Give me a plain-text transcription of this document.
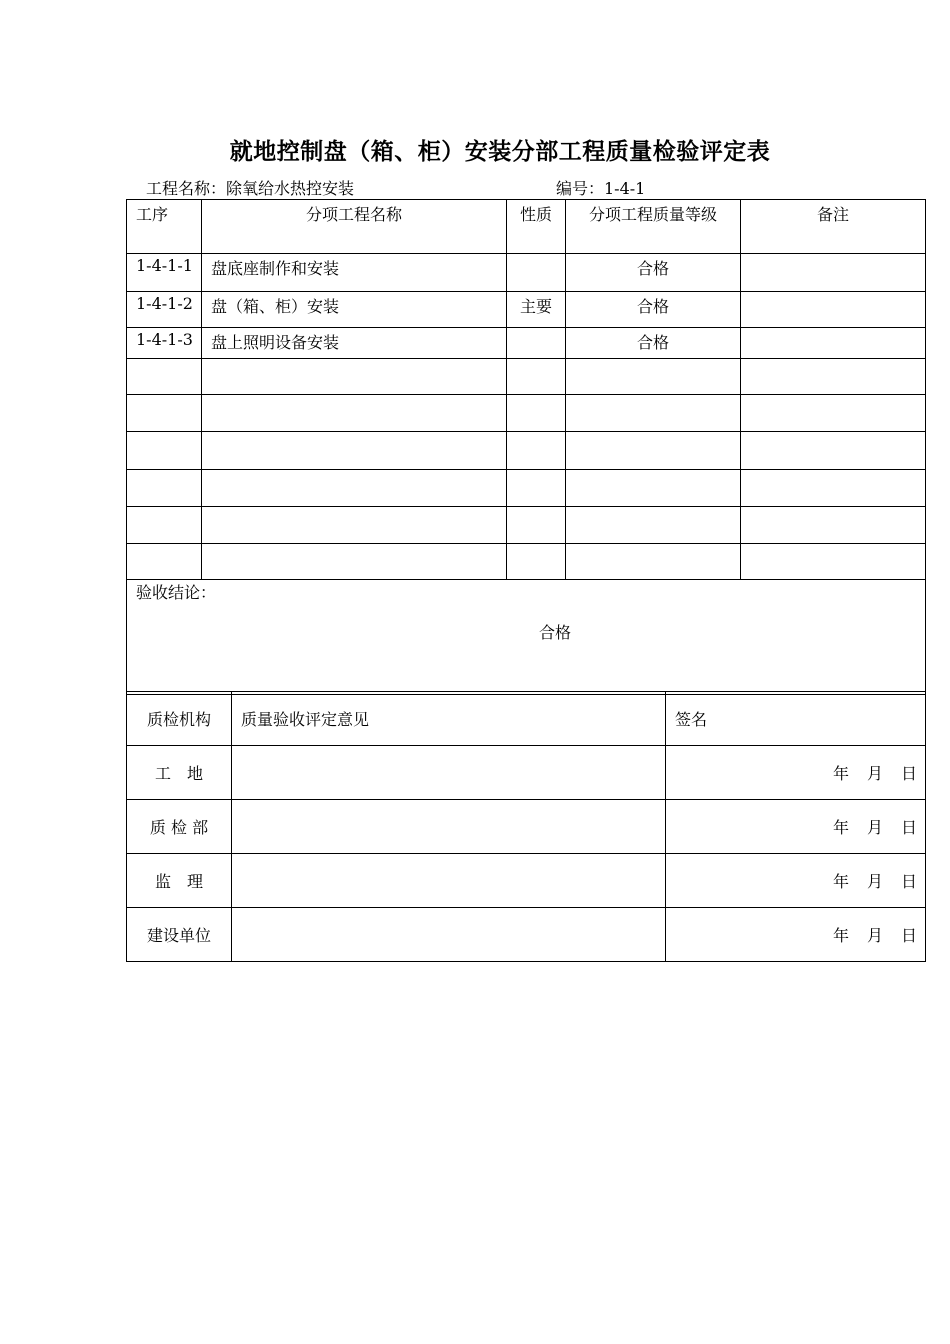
就地控制盘（箱、柜）安装分部工程质量检验评定表
工程名称：除氧给水热控安装	编号：1-4-1
工序	分项工程名称	性质	分项工程质量等级	备注
1-4-1-1	盘底座制作和安装		合格	
1-4-1-2	盘（箱、柜）安装	主要	合格	
1-4-1-3	盘上照明设备安装		合格	

验收结论：
合格				
质检机构	质量验收评定意见	签名
工　地		年 月 日
质 检 部		年 月 日
监　理		年 月 日
建设单位		年 月 日
